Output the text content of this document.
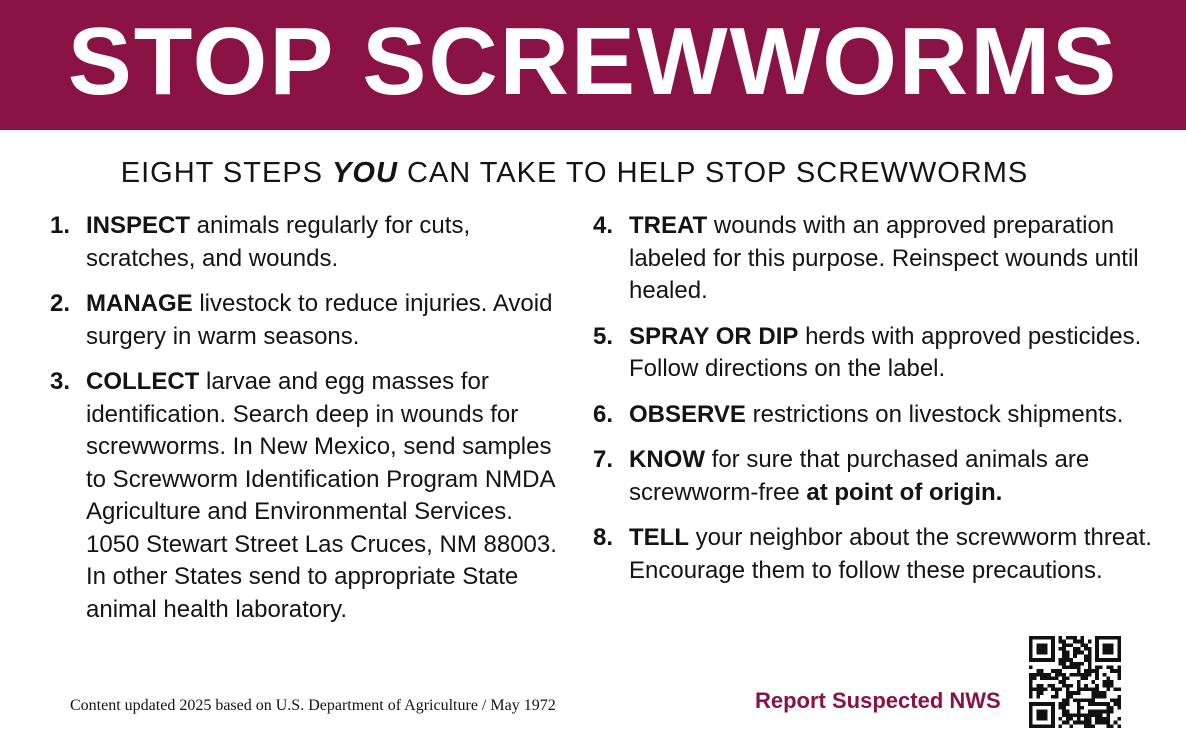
STOP SCREWWORMS
EIGHT STEPS YOU CAN TAKE TO HELP STOP SCREWWORMS
1. INSPECT animals regularly for cuts, scratches, and wounds.
2. MANAGE livestock to reduce injuries. Avoid surgery in warm seasons.
3. COLLECT larvae and egg masses for identification. Search deep in wounds for screwworms. In New Mexico, send samples to Screwworm Identification Program NMDA Agriculture and Environmental Services. 1050 Stewart Street Las Cruces, NM 88003.
In other States send to appropriate State animal health laboratory.
4. TREAT wounds with an approved preparation labeled for this purpose. Reinspect wounds until healed.
5. SPRAY OR DIP herds with approved pesticides. Follow directions on the label.
6. OBSERVE restrictions on livestock shipments.
7. KNOW for sure that purchased animals are screwworm-free at point of origin.
8. TELL your neighbor about the screwworm threat. Encourage them to follow these precautions.
Content updated 2025 based on U.S. Department of Agriculture / May 1972	Report Suspected NWS
